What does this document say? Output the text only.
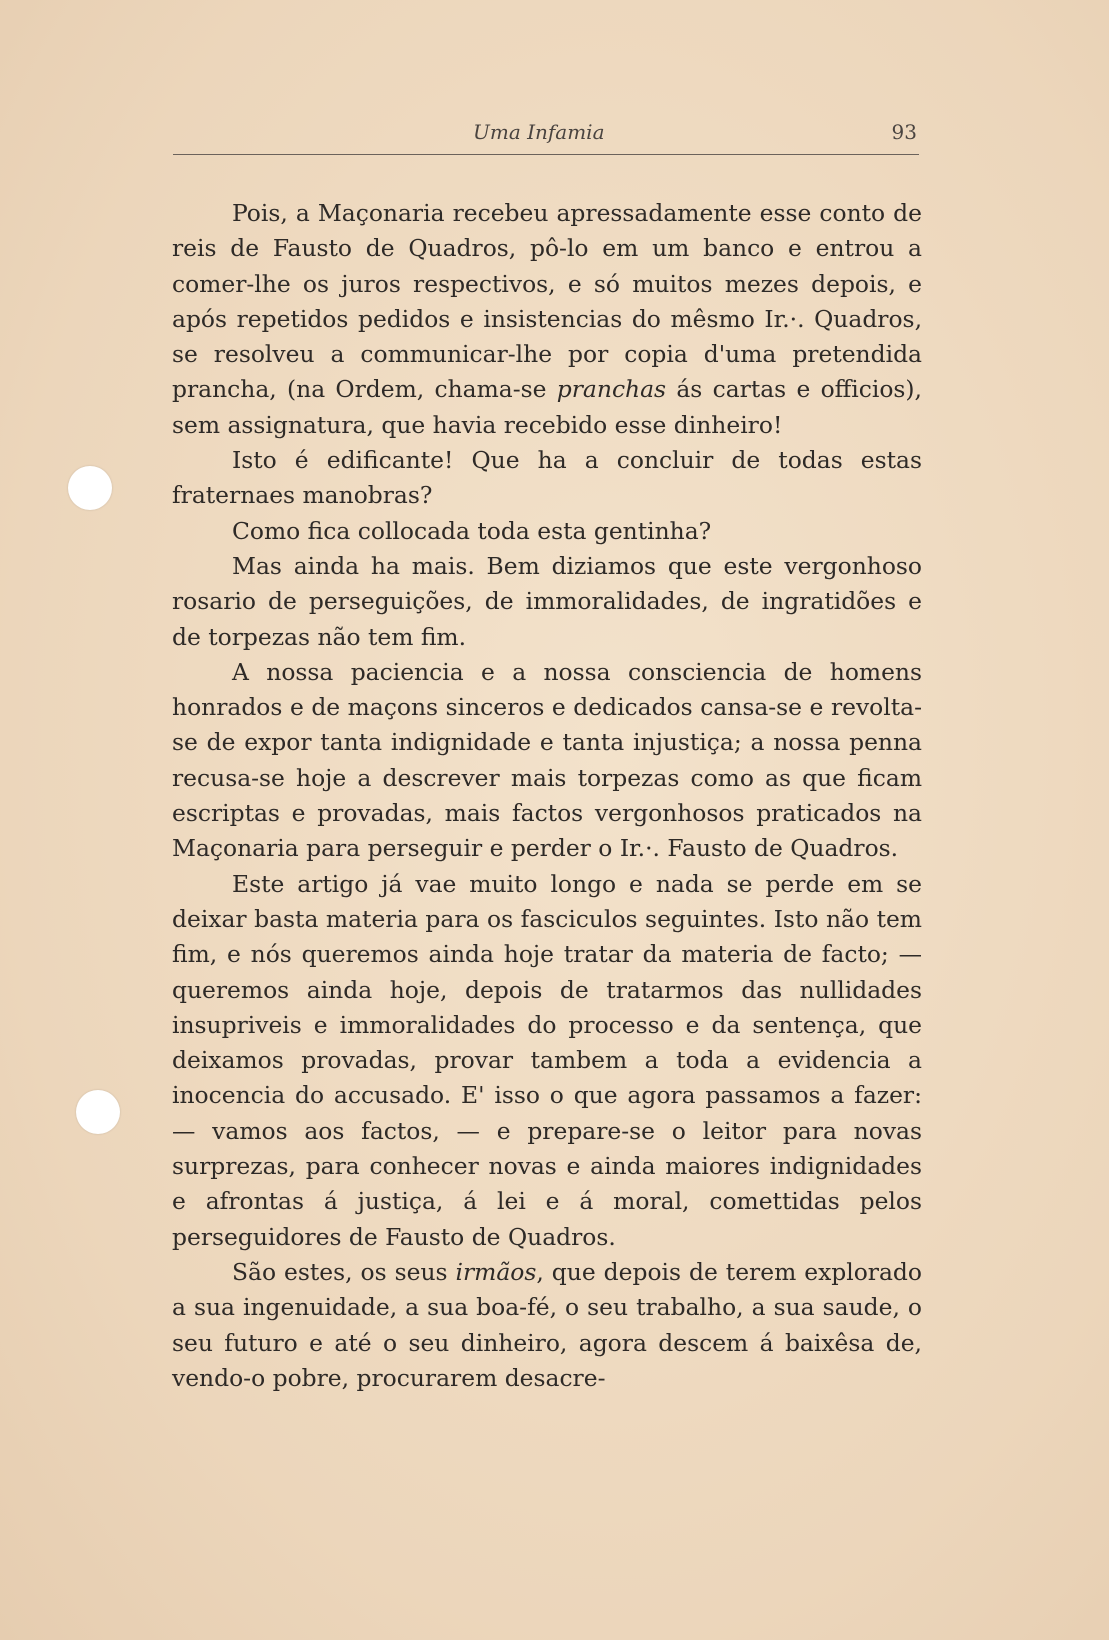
Uma Infamia	93

Pois, a Maçonaria recebeu apressadamente esse conto de reis de Fausto de Quadros, pô-lo em um banco e entrou a comer-lhe os juros respectivos, e só muitos mezes depois, e após repetidos pedidos e insistencias do mêsmo Ir.·. Quadros, se resolveu a communicar-lhe por copia d'uma pretendida prancha, (na Ordem, chama-se pranchas ás cartas e officios), sem assignatura, que havia recebido esse dinheiro!

Isto é edificante! Que ha a concluir de todas estas fraternaes manobras?

Como fica collocada toda esta gentinha?

Mas ainda ha mais. Bem diziamos que este vergonhoso rosario de perseguições, de immoralidades, de ingratidões e de torpezas não tem fim.

A nossa paciencia e a nossa consciencia de homens honrados e de maçons sinceros e dedicados cansa-se e revolta-se de expor tanta indignidade e tanta injustiça; a nossa penna recusa-se hoje a descrever mais torpezas como as que ficam escriptas e provadas, mais factos vergonhosos praticados na Maçonaria para perseguir e perder o Ir.·. Fausto de Quadros.

Este artigo já vae muito longo e nada se perde em se deixar basta materia para os fasciculos seguintes. Isto não tem fim, e nós queremos ainda hoje tratar da materia de facto; —queremos ainda hoje, depois de tratarmos das nullidades insupriveis e immoralidades do processo e da sentença, que deixamos provadas, provar tambem a toda a evidencia a inocencia do accusado. E' isso o que agora passamos a fazer: — vamos aos factos, — e prepare-se o leitor para novas surprezas, para conhecer novas e ainda maiores indignidades e afrontas á justiça, á lei e á moral, comettidas pelos perseguidores de Fausto de Quadros.

São estes, os seus irmãos, que depois de terem explorado a sua ingenuidade, a sua boa-fé, o seu trabalho, a sua saude, o seu futuro e até o seu dinheiro, agora descem á baixêsa de, vendo-o pobre, procurarem desacre-
